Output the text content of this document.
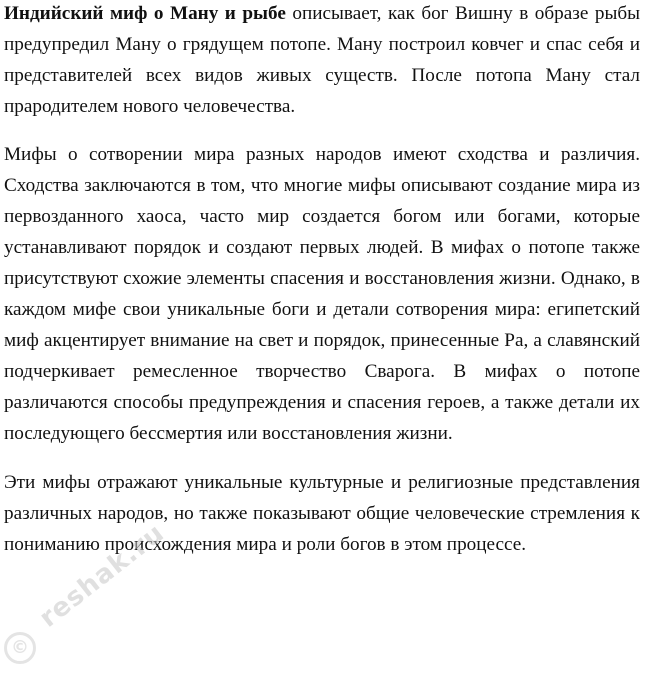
Индийский миф о Ману и рыбе описывает, как бог Вишну в образе рыбы предупредил Ману о грядущем потопе. Ману построил ковчег и спас себя и представителей всех видов живых существ. После потопа Ману стал прародителем нового человечества.

Мифы о сотворении мира разных народов имеют сходства и различия. Сходства заключаются в том, что многие мифы описывают создание мира из первозданного хаоса, часто мир создается богом или богами, которые устанавливают порядок и создают первых людей. В мифах о потопе также присутствуют схожие элементы спасения и восстановления жизни. Однако, в каждом мифе свои уникальные боги и детали сотворения мира: египетский миф акцентирует внимание на свет и порядок, принесенные Ра, а славянский подчеркивает ремесленное творчество Сварога. В мифах о потопе различаются способы предупреждения и спасения героев, а также детали их последующего бессмертия или восстановления жизни.

Эти мифы отражают уникальные культурные и религиозные представления различных народов, но также показывают общие человеческие стремления к пониманию происхождения мира и роли богов в этом процессе.

©
reshak.ru
